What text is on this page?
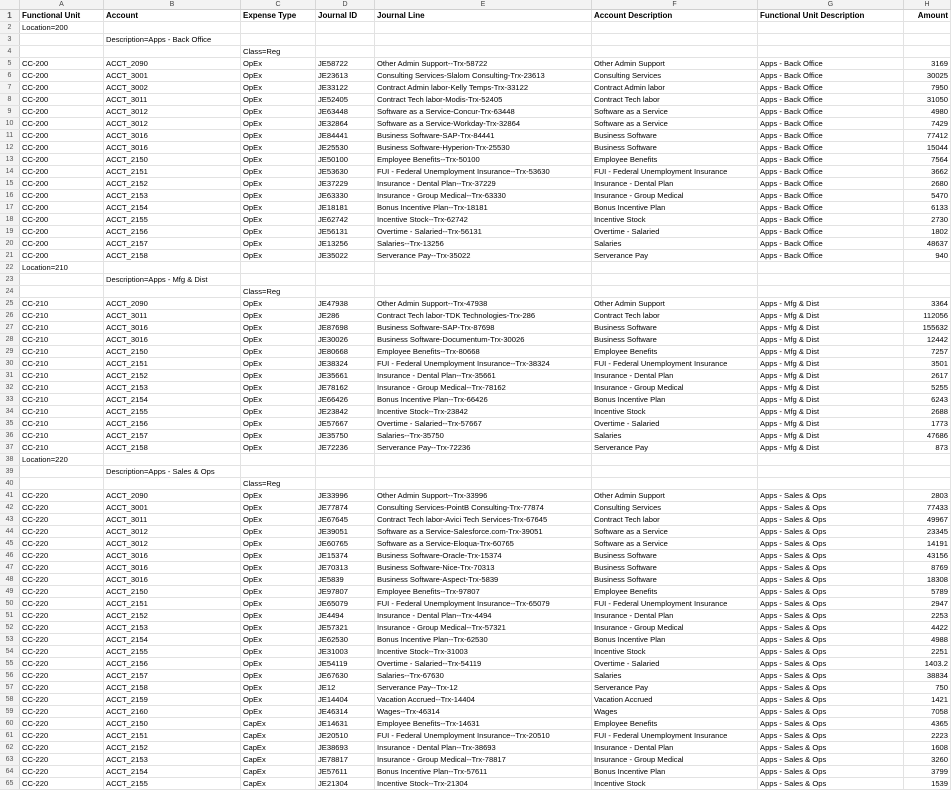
A	B	C	D	E	F	G	H
1	Functional Unit	Account	Expense Type	Journal ID	Journal Line	Account Description	Functional Unit Description	Amount
2	Location=200
3	Description=Apps - Back Office
4	Class=Reg
5	CC-200	ACCT_2090	OpEx	JE58722	Other Admin Support--Trx-58722	Other Admin Support	Apps - Back Office	3169
6	CC-200	ACCT_3001	OpEx	JE23613	Consulting Services-Slalom Consulting-Trx-23613	Consulting Services	Apps - Back Office	30025
7	CC-200	ACCT_3002	OpEx	JE33122	Contract Admin labor-Kelly Temps-Trx-33122	Contract Admin labor	Apps - Back Office	7950
8	CC-200	ACCT_3011	OpEx	JE52405	Contract Tech labor-Modis-Trx-52405	Contract Tech labor	Apps - Back Office	31050
9	CC-200	ACCT_3012	OpEx	JE63448	Software as a Service-Concur-Trx-63448	Software as a Service	Apps - Back Office	4980
10	CC-200	ACCT_3012	OpEx	JE32864	Software as a Service-Workday-Trx-32864	Software as a Service	Apps - Back Office	7429
11	CC-200	ACCT_3016	OpEx	JE84441	Business Software-SAP-Trx-84441	Business Software	Apps - Back Office	77412
12	CC-200	ACCT_3016	OpEx	JE25530	Business Software-Hyperion-Trx-25530	Business Software	Apps - Back Office	15044
13	CC-200	ACCT_2150	OpEx	JE50100	Employee Benefits--Trx-50100	Employee Benefits	Apps - Back Office	7564
14	CC-200	ACCT_2151	OpEx	JE53630	FUI - Federal Unemployment Insurance--Trx-53630	FUI - Federal Unemployment Insurance	Apps - Back Office	3662
15	CC-200	ACCT_2152	OpEx	JE37229	Insurance - Dental Plan--Trx-37229	Insurance - Dental Plan	Apps - Back Office	2680
16	CC-200	ACCT_2153	OpEx	JE63330	Insurance - Group Medical--Trx-63330	Insurance - Group Medical	Apps - Back Office	5470
17	CC-200	ACCT_2154	OpEx	JE18181	Bonus Incentive Plan--Trx-18181	Bonus Incentive Plan	Apps - Back Office	6133
18	CC-200	ACCT_2155	OpEx	JE62742	Incentive Stock--Trx-62742	Incentive Stock	Apps - Back Office	2730
19	CC-200	ACCT_2156	OpEx	JE56131	Overtime - Salaried--Trx-56131	Overtime - Salaried	Apps - Back Office	1802
20	CC-200	ACCT_2157	OpEx	JE13256	Salaries--Trx-13256	Salaries	Apps - Back Office	48637
21	CC-200	ACCT_2158	OpEx	JE35022	Serverance Pay--Trx-35022	Serverance Pay	Apps - Back Office	940
22	Location=210
23	Description=Apps - Mfg & Dist
24	Class=Reg
25	CC-210	ACCT_2090	OpEx	JE47938	Other Admin Support--Trx-47938	Other Admin Support	Apps - Mfg & Dist	3364
26	CC-210	ACCT_3011	OpEx	JE286	Contract Tech labor-TDK Technologies-Trx-286	Contract Tech labor	Apps - Mfg & Dist	112056
27	CC-210	ACCT_3016	OpEx	JE87698	Business Software-SAP-Trx-87698	Business Software	Apps - Mfg & Dist	155632
28	CC-210	ACCT_3016	OpEx	JE30026	Business Software-Documentum-Trx-30026	Business Software	Apps - Mfg & Dist	12442
29	CC-210	ACCT_2150	OpEx	JE80668	Employee Benefits--Trx-80668	Employee Benefits	Apps - Mfg & Dist	7257
30	CC-210	ACCT_2151	OpEx	JE38324	FUI - Federal Unemployment Insurance--Trx-38324	FUI - Federal Unemployment Insurance	Apps - Mfg & Dist	3501
31	CC-210	ACCT_2152	OpEx	JE35661	Insurance - Dental Plan--Trx-35661	Insurance - Dental Plan	Apps - Mfg & Dist	2617
32	CC-210	ACCT_2153	OpEx	JE78162	Insurance - Group Medical--Trx-78162	Insurance - Group Medical	Apps - Mfg & Dist	5255
33	CC-210	ACCT_2154	OpEx	JE66426	Bonus Incentive Plan--Trx-66426	Bonus Incentive Plan	Apps - Mfg & Dist	6243
34	CC-210	ACCT_2155	OpEx	JE23842	Incentive Stock--Trx-23842	Incentive Stock	Apps - Mfg & Dist	2688
35	CC-210	ACCT_2156	OpEx	JE57667	Overtime - Salaried--Trx-57667	Overtime - Salaried	Apps - Mfg & Dist	1773
36	CC-210	ACCT_2157	OpEx	JE35750	Salaries--Trx-35750	Salaries	Apps - Mfg & Dist	47686
37	CC-210	ACCT_2158	OpEx	JE72236	Serverance Pay--Trx-72236	Serverance Pay	Apps - Mfg & Dist	873
38	Location=220
39	Description=Apps - Sales & Ops
40	Class=Reg
41	CC-220	ACCT_2090	OpEx	JE33996	Other Admin Support--Trx-33996	Other Admin Support	Apps - Sales & Ops	2803
42	CC-220	ACCT_3001	OpEx	JE77874	Consulting Services-PointB Consulting-Trx-77874	Consulting Services	Apps - Sales & Ops	77433
43	CC-220	ACCT_3011	OpEx	JE67645	Contract Tech labor-Avici Tech Services-Trx-67645	Contract Tech labor	Apps - Sales & Ops	49967
44	CC-220	ACCT_3012	OpEx	JE39051	Software as a Service-Salesforce.com-Trx-39051	Software as a Service	Apps - Sales & Ops	23345
45	CC-220	ACCT_3012	OpEx	JE60765	Software as a Service-Eloqua-Trx-60765	Software as a Service	Apps - Sales & Ops	14191
46	CC-220	ACCT_3016	OpEx	JE15374	Business Software-Oracle-Trx-15374	Business Software	Apps - Sales & Ops	43156
47	CC-220	ACCT_3016	OpEx	JE70313	Business Software-Nice-Trx-70313	Business Software	Apps - Sales & Ops	8769
48	CC-220	ACCT_3016	OpEx	JE5839	Business Software-Aspect-Trx-5839	Business Software	Apps - Sales & Ops	18308
49	CC-220	ACCT_2150	OpEx	JE97807	Employee Benefits--Trx-97807	Employee Benefits	Apps - Sales & Ops	5789
50	CC-220	ACCT_2151	OpEx	JE65079	FUI - Federal Unemployment Insurance--Trx-65079	FUI - Federal Unemployment Insurance	Apps - Sales & Ops	2947
51	CC-220	ACCT_2152	OpEx	JE4494	Insurance - Dental Plan--Trx-4494	Insurance - Dental Plan	Apps - Sales & Ops	2253
52	CC-220	ACCT_2153	OpEx	JE57321	Insurance - Group Medical--Trx-57321	Insurance - Group Medical	Apps - Sales & Ops	4422
53	CC-220	ACCT_2154	OpEx	JE62530	Bonus Incentive Plan--Trx-62530	Bonus Incentive Plan	Apps - Sales & Ops	4988
54	CC-220	ACCT_2155	OpEx	JE31003	Incentive Stock--Trx-31003	Incentive Stock	Apps - Sales & Ops	2251
55	CC-220	ACCT_2156	OpEx	JE54119	Overtime - Salaried--Trx-54119	Overtime - Salaried	Apps - Sales & Ops	1403.2
56	CC-220	ACCT_2157	OpEx	JE67630	Salaries--Trx-67630	Salaries	Apps - Sales & Ops	38834
57	CC-220	ACCT_2158	OpEx	JE12	Serverance Pay--Trx-12	Serverance Pay	Apps - Sales & Ops	750
58	CC-220	ACCT_2159	OpEx	JE14404	Vacation Accrued--Trx-14404	Vacation Accrued	Apps - Sales & Ops	1421
59	CC-220	ACCT_2160	OpEx	JE46314	Wages--Trx-46314	Wages	Apps - Sales & Ops	7058
60	CC-220	ACCT_2150	CapEx	JE14631	Employee Benefits--Trx-14631	Employee Benefits	Apps - Sales & Ops	4365
61	CC-220	ACCT_2151	CapEx	JE20510	FUI - Federal Unemployment Insurance--Trx-20510	FUI - Federal Unemployment Insurance	Apps - Sales & Ops	2223
62	CC-220	ACCT_2152	CapEx	JE38693	Insurance - Dental Plan--Trx-38693	Insurance - Dental Plan	Apps - Sales & Ops	1608
63	CC-220	ACCT_2153	CapEx	JE78817	Insurance - Group Medical--Trx-78817	Insurance - Group Medical	Apps - Sales & Ops	3260
64	CC-220	ACCT_2154	CapEx	JE57611	Bonus Incentive Plan--Trx-57611	Bonus Incentive Plan	Apps - Sales & Ops	3799
65	CC-220	ACCT_2155	CapEx	JE21304	Incentive Stock--Trx-21304	Incentive Stock	Apps - Sales & Ops	1539
